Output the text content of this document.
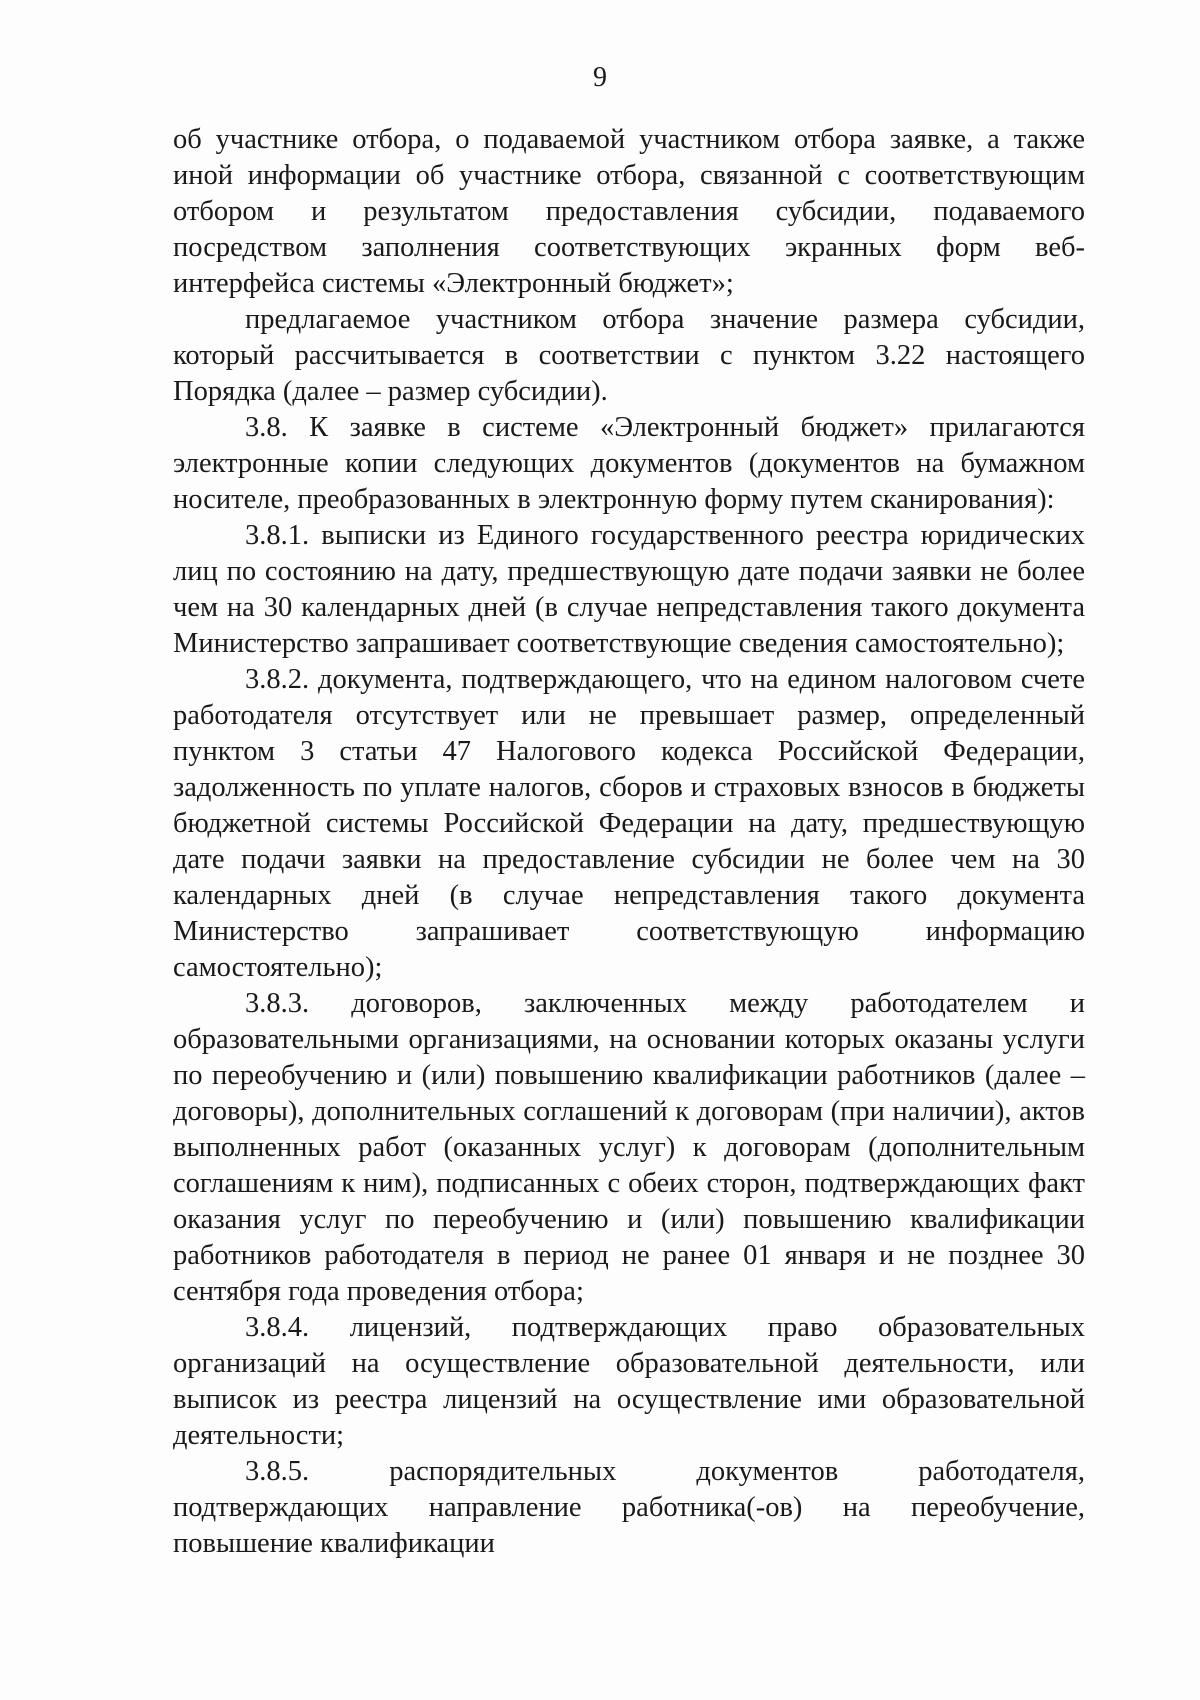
9

об участнике отбора, о подаваемой участником отбора заявке, а также иной информации об участнике отбора, связанной с соответствующим отбором и результатом предоставления субсидии, подаваемого посредством заполнения соответствующих экранных форм веб-интерфейса системы «Электронный бюджет»;

предлагаемое участником отбора значение размера субсидии, который рассчитывается в соответствии с пунктом 3.22 настоящего Порядка (далее – размер субсидии).

3.8. К заявке в системе «Электронный бюджет» прилагаются электронные копии следующих документов (документов на бумажном носителе, преобразованных в электронную форму путем сканирования):

3.8.1. выписки из Единого государственного реестра юридических лиц по состоянию на дату, предшествующую дате подачи заявки не более чем на 30 календарных дней (в случае непредставления такого документа Министерство запрашивает соответствующие сведения самостоятельно);

3.8.2. документа, подтверждающего, что на едином налоговом счете работодателя отсутствует или не превышает размер, определенный пунктом 3 статьи 47 Налогового кодекса Российской Федерации, задолженность по уплате налогов, сборов и страховых взносов в бюджеты бюджетной системы Российской Федерации на дату, предшествующую дате подачи заявки на предоставление субсидии не более чем на 30 календарных дней (в случае непредставления такого документа Министерство запрашивает соответствующую информацию самостоятельно);

3.8.3. договоров, заключенных между работодателем и образовательными организациями, на основании которых оказаны услуги по переобучению и (или) повышению квалификации работников (далее – договоры), дополнительных соглашений к договорам (при наличии), актов выполненных работ (оказанных услуг) к договорам (дополнительным соглашениям к ним), подписанных с обеих сторон, подтверждающих факт оказания услуг по переобучению и (или) повышению квалификации работников работодателя в период не ранее 01 января и не позднее 30 сентября года проведения отбора;

3.8.4. лицензий, подтверждающих право образовательных организаций на осуществление образовательной деятельности, или выписок из реестра лицензий на осуществление ими образовательной деятельности;

3.8.5. распорядительных документов работодателя, подтверждающих направление работника(-ов) на переобучение, повышение квалификации
